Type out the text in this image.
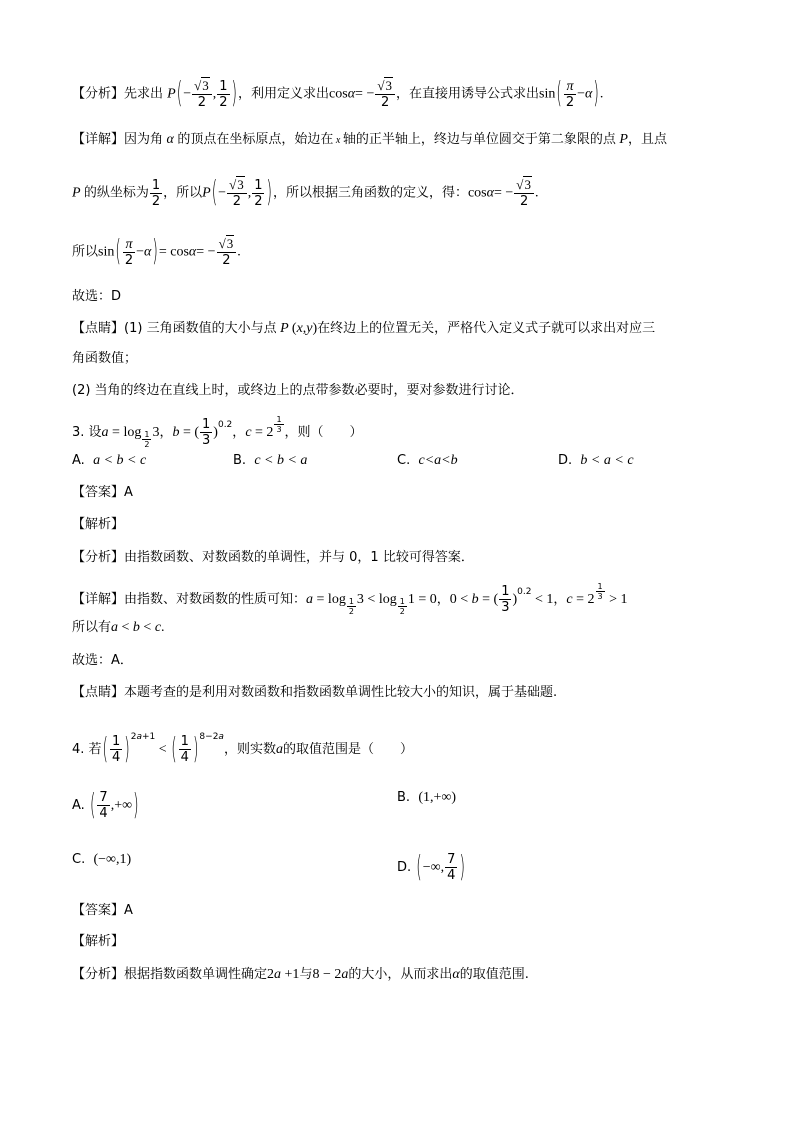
【分析】先求出 $P(- \frac{√3}{2}$ , $\frac{1}{2}$ )，利用定义求出$\cos\alpha= - \frac{√3}{2}$ ，在直接用诱导公式求出$\sin( \frac{\pi}{2} -\alpha)$.
【详解】因为角 α 的顶点在坐标原点，始边在 x 轴的正半轴上，终边与单位圆交于第二象限的点 P，且点
P 的纵坐标为 $\frac{1}{2}$ ，所以$P(- \frac{√3}{2}$ , $\frac{1}{2}$ )，所以根据三角函数的定义，得：$\cos\alpha= - \frac{√3}{2}$ .
所以$\sin( \frac{\pi}{2} -\alpha)= \cos\alpha= - \frac{√3}{2}$ .
故选：D
【点睛】(1) 三角函数值的大小与点 P (x,y)在终边上的位置无关，严格代入定义式子就可以求出对应三
角函数值；
(2) 当角的终边在直线上时，或终边上的点带参数必要时，要对参数进行讨论．
3. 设a = log $_{\frac{1}{2}}$ 3，b = ( $\frac{1}{3} )^{0.2}$，c = 2 $^{\frac{1}{3}}$ ，则（　　）
A. a < b < c	B. c < b < a	C. c<a<b	D. b < a < c
【答案】A
【解析】
【分析】由指数函数、对数函数的单调性，并与 0，1 比较可得答案．
【详解】由指数、对数函数的性质可知：a = log $_{\frac{1}{2}}$ 3 < log $_{\frac{1}{2}}$ 1 = 0，0 < b = ( $\frac{1}{3} )^{0.2} < 1$，c = 2 $^{\frac{1}{3}}$ > 1
所以有a < b < c.
故选：A．
【点睛】本题考查的是利用对数函数和指数函数单调性比较大小的知识，属于基础题.
4. 若( $\frac{1}{4} )^{2a+1}$ < ( $\frac{1}{4} )^{8-2a}$，则实数a的取值范围是（　　）
A. ( $\frac{7}{4}$ ,+∞)	B. (1,+∞)
C. (−∞,1)
D. (−∞, $\frac{7}{4}$ )
【答案】A
【解析】
【分析】根据指数函数单调性确定2a +1与8 − 2a的大小，从而求出α的取值范围.
